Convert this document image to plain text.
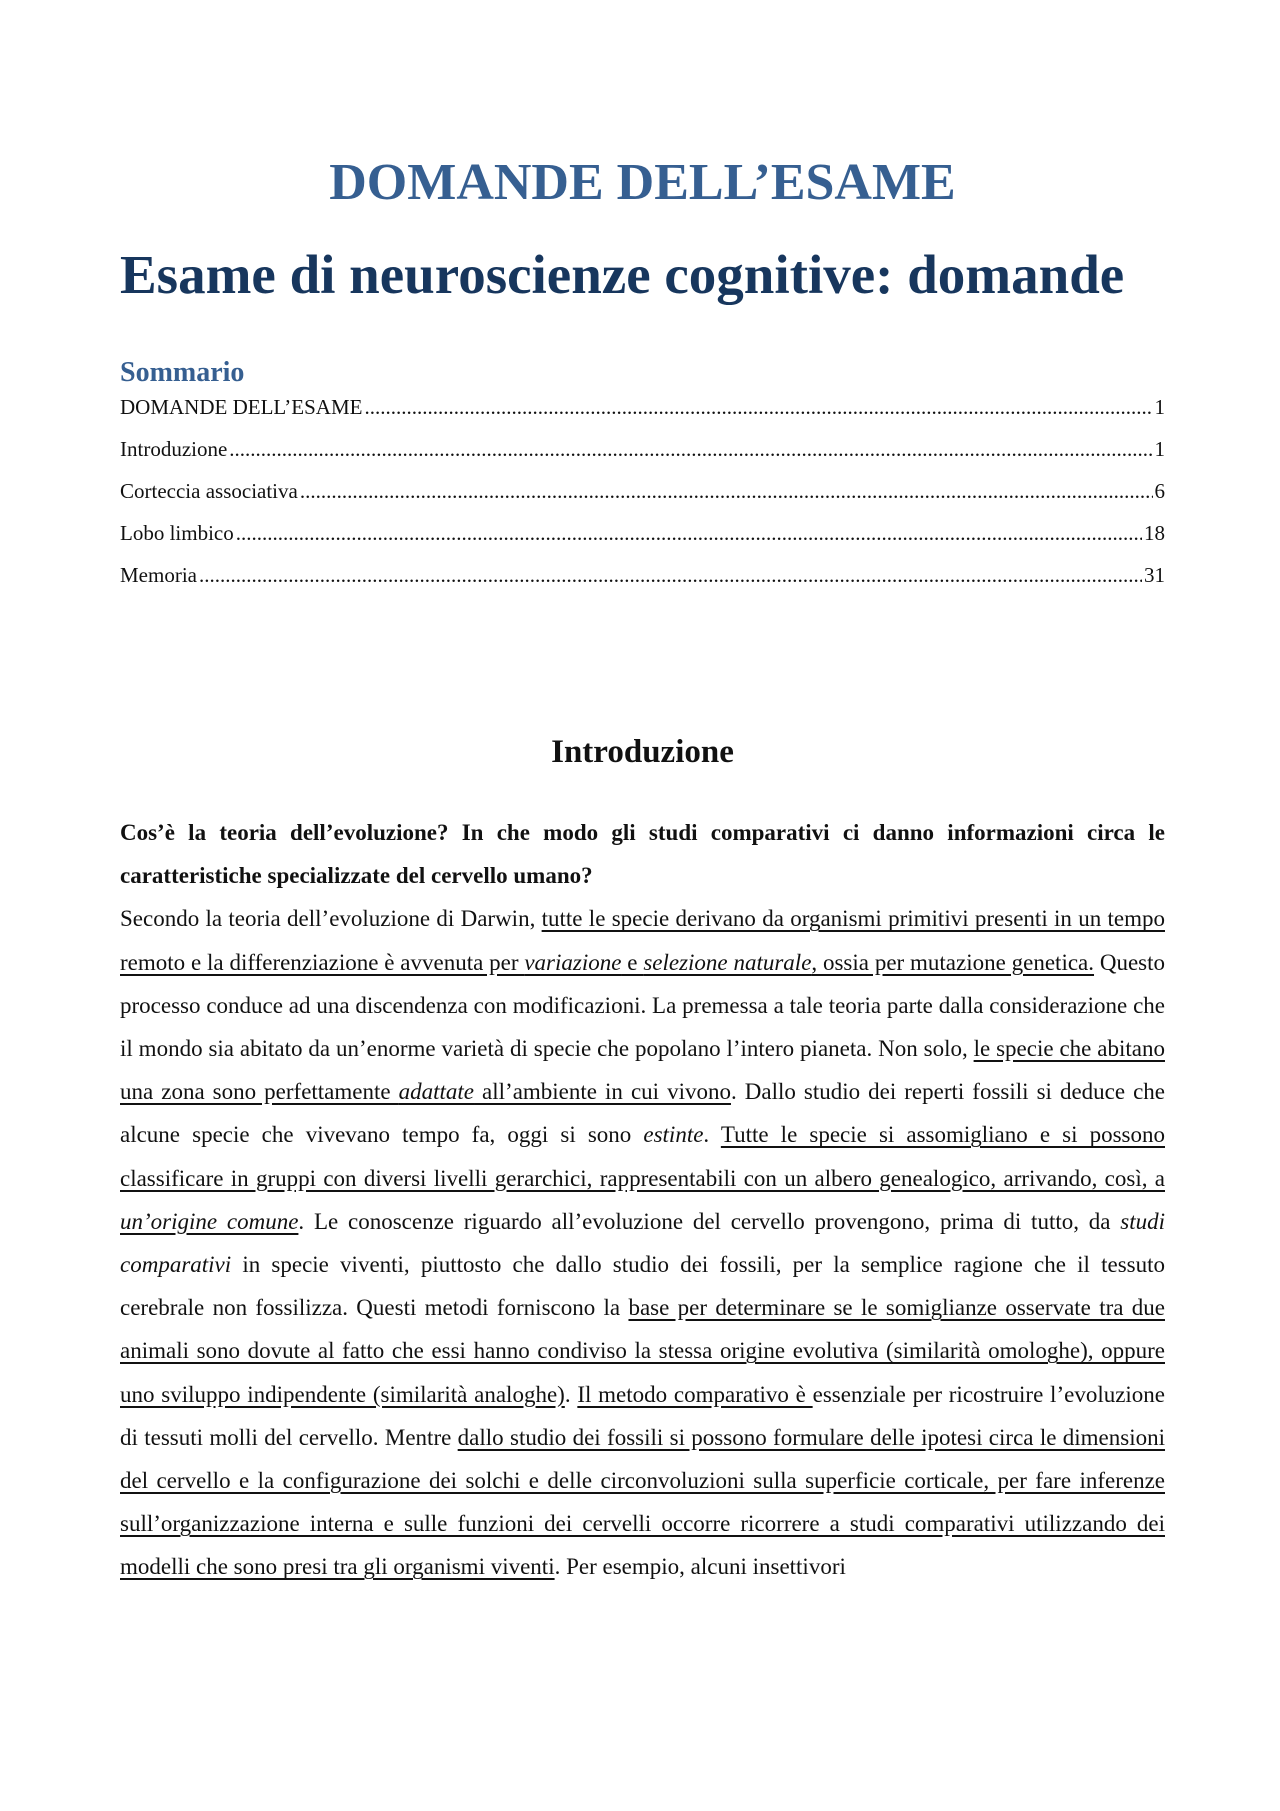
DOMANDE DELL’ESAME
Esame di neuroscienze cognitive: domande
Sommario
DOMANDE DELL’ESAME .....	1
Introduzione .....	1
Corteccia associativa .....	6
Lobo limbico .....	18
Memoria .....	31
Introduzione

Cos’è la teoria dell’evoluzione? In che modo gli studi comparativi ci danno informazioni circa le caratteristiche specializzate del cervello umano?

Secondo la teoria dell’evoluzione di Darwin, tutte le specie derivano da organismi primitivi presenti in un tempo remoto e la differenziazione è avvenuta per variazione e selezione naturale, ossia per mutazione genetica. Questo processo conduce ad una discendenza con modificazioni. La premessa a tale teoria parte dalla considerazione che il mondo sia abitato da un’enorme varietà di specie che popolano l’intero pianeta. Non solo, le specie che abitano una zona sono perfettamente adattate all’ambiente in cui vivono. Dallo studio dei reperti fossili si deduce che alcune specie che vivevano tempo fa, oggi si sono estinte. Tutte le specie si assomigliano e si possono classificare in gruppi con diversi livelli gerarchici, rappresentabili con un albero genealogico, arrivando, così, a un’origine comune. Le conoscenze riguardo all’evoluzione del cervello provengono, prima di tutto, da studi comparativi in specie viventi, piuttosto che dallo studio dei fossili, per la semplice ragione che il tessuto cerebrale non fossilizza. Questi metodi forniscono la base per determinare se le somiglianze osservate tra due animali sono dovute al fatto che essi hanno condiviso la stessa origine evolutiva (similarità omologhe), oppure uno sviluppo indipendente (similarità analoghe). Il metodo comparativo è essenziale per ricostruire l’evoluzione di tessuti molli del cervello. Mentre dallo studio dei fossili si possono formulare delle ipotesi circa le dimensioni del cervello e la configurazione dei solchi e delle circonvoluzioni sulla superficie corticale, per fare inferenze sull’organizzazione interna e sulle funzioni dei cervelli occorre ricorrere a studi comparativi utilizzando dei modelli che sono presi tra gli organismi viventi. Per esempio, alcuni insettivori
